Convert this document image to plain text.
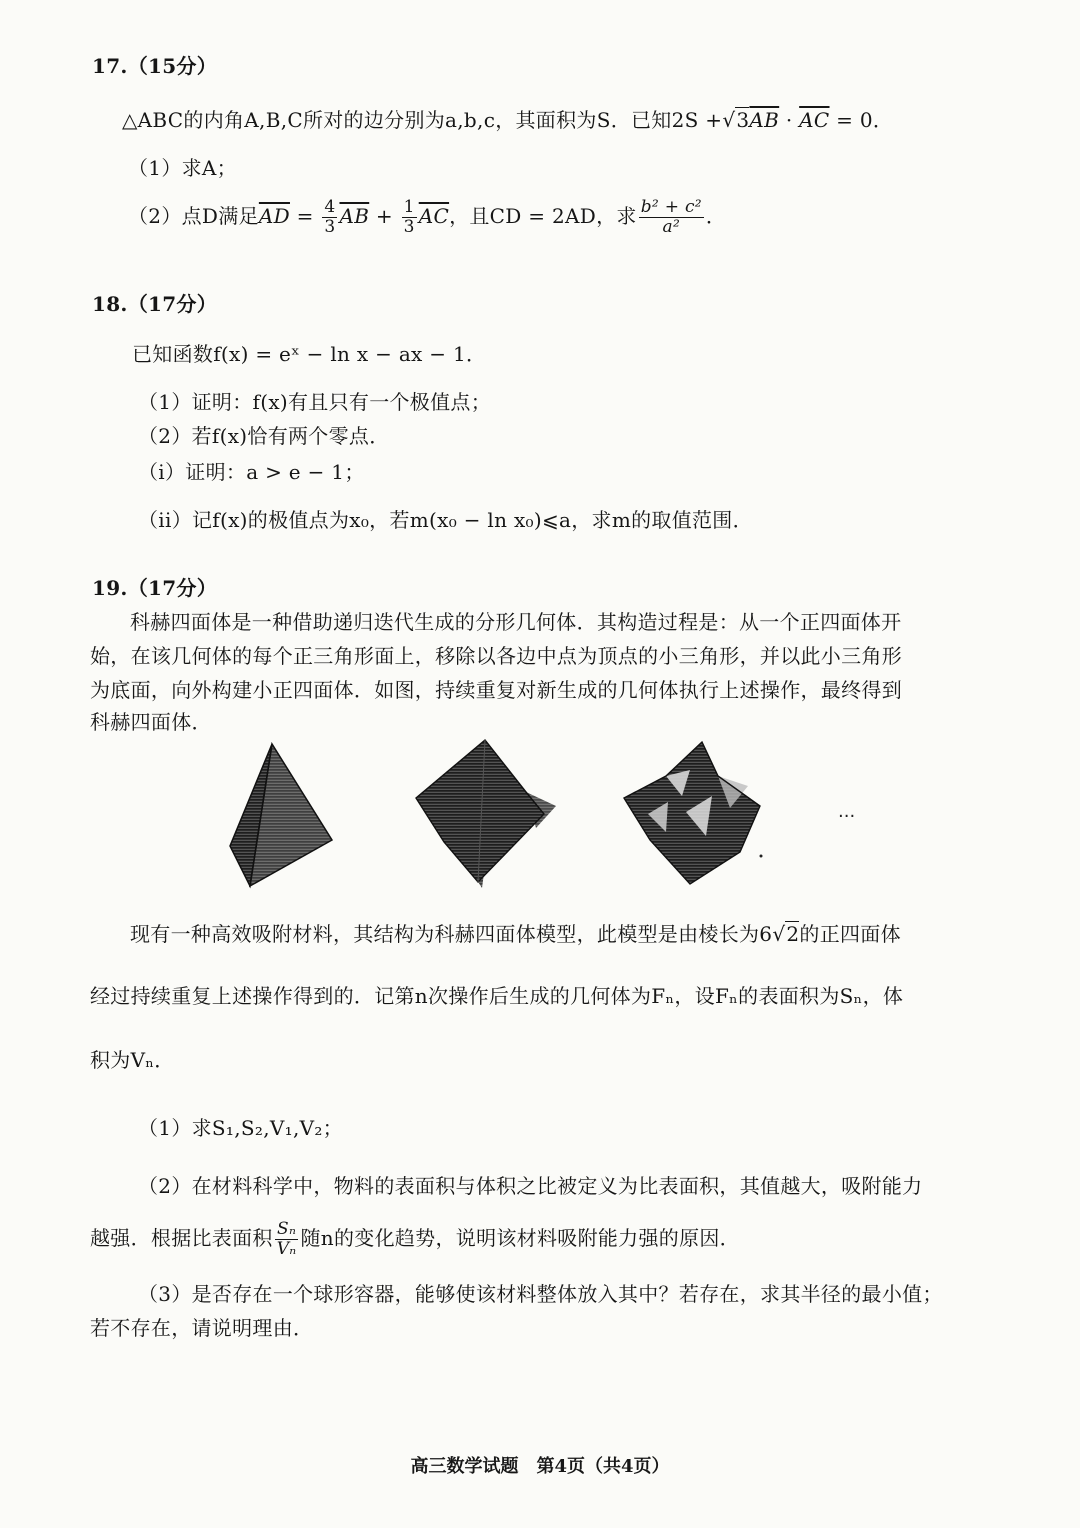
17.（15分）
△ABC的内角A,B,C所对的边分别为a,b,c，其面积为S．已知$2S +√3\overline{AB} \cdot \overline{AC} = 0$．
（1）求A；
（2）点D满足$\overline{AD} = \frac{4}{3} \overline{AB} + \frac{1}{3} \overline{AC}$，且CD = 2AD，求 $\frac{\text{b² + c²}}{\text{a²}}$ ．
18.（17分）
已知函数f(x) = eˣ − ln x − ax − 1．
（1）证明：f(x)有且只有一个极值点；
（2）若f(x)恰有两个零点．
（i）证明：a > e − 1；
（ii）记f(x)的极值点为x₀，若m(x₀ − ln x₀)⩽a，求m的取值范围．
19.（17分）
科赫四面体是一种借助递归迭代生成的分形几何体．其构造过程是：从一个正四面体开
始，在该几何体的每个正三角形面上，移除以各边中点为顶点的小三角形，并以此小三角形
为底面，向外构建小正四面体．如图，持续重复对新生成的几何体执行上述操作，最终得到
科赫四面体．
···
现有一种高效吸附材料，其结构为科赫四面体模型，此模型是由棱长为6√2的正四面体
经过持续重复上述操作得到的．记第n次操作后生成的几何体为Fₙ，设Fₙ的表面积为Sₙ，体
积为Vₙ．
（1）求S₁,S₂,V₁,V₂；
（2）在材料科学中，物料的表面积与体积之比被定义为比表面积，其值越大，吸附能力
越强．根据比表面积 $\frac{\text{Sₙ}}{\text{Vₙ}}$ 随n的变化趋势，说明该材料吸附能力强的原因．
（3）是否存在一个球形容器，能够使该材料整体放入其中？若存在，求其半径的最小值；
若不存在，请说明理由．
高三数学试题　第4页（共4页）
